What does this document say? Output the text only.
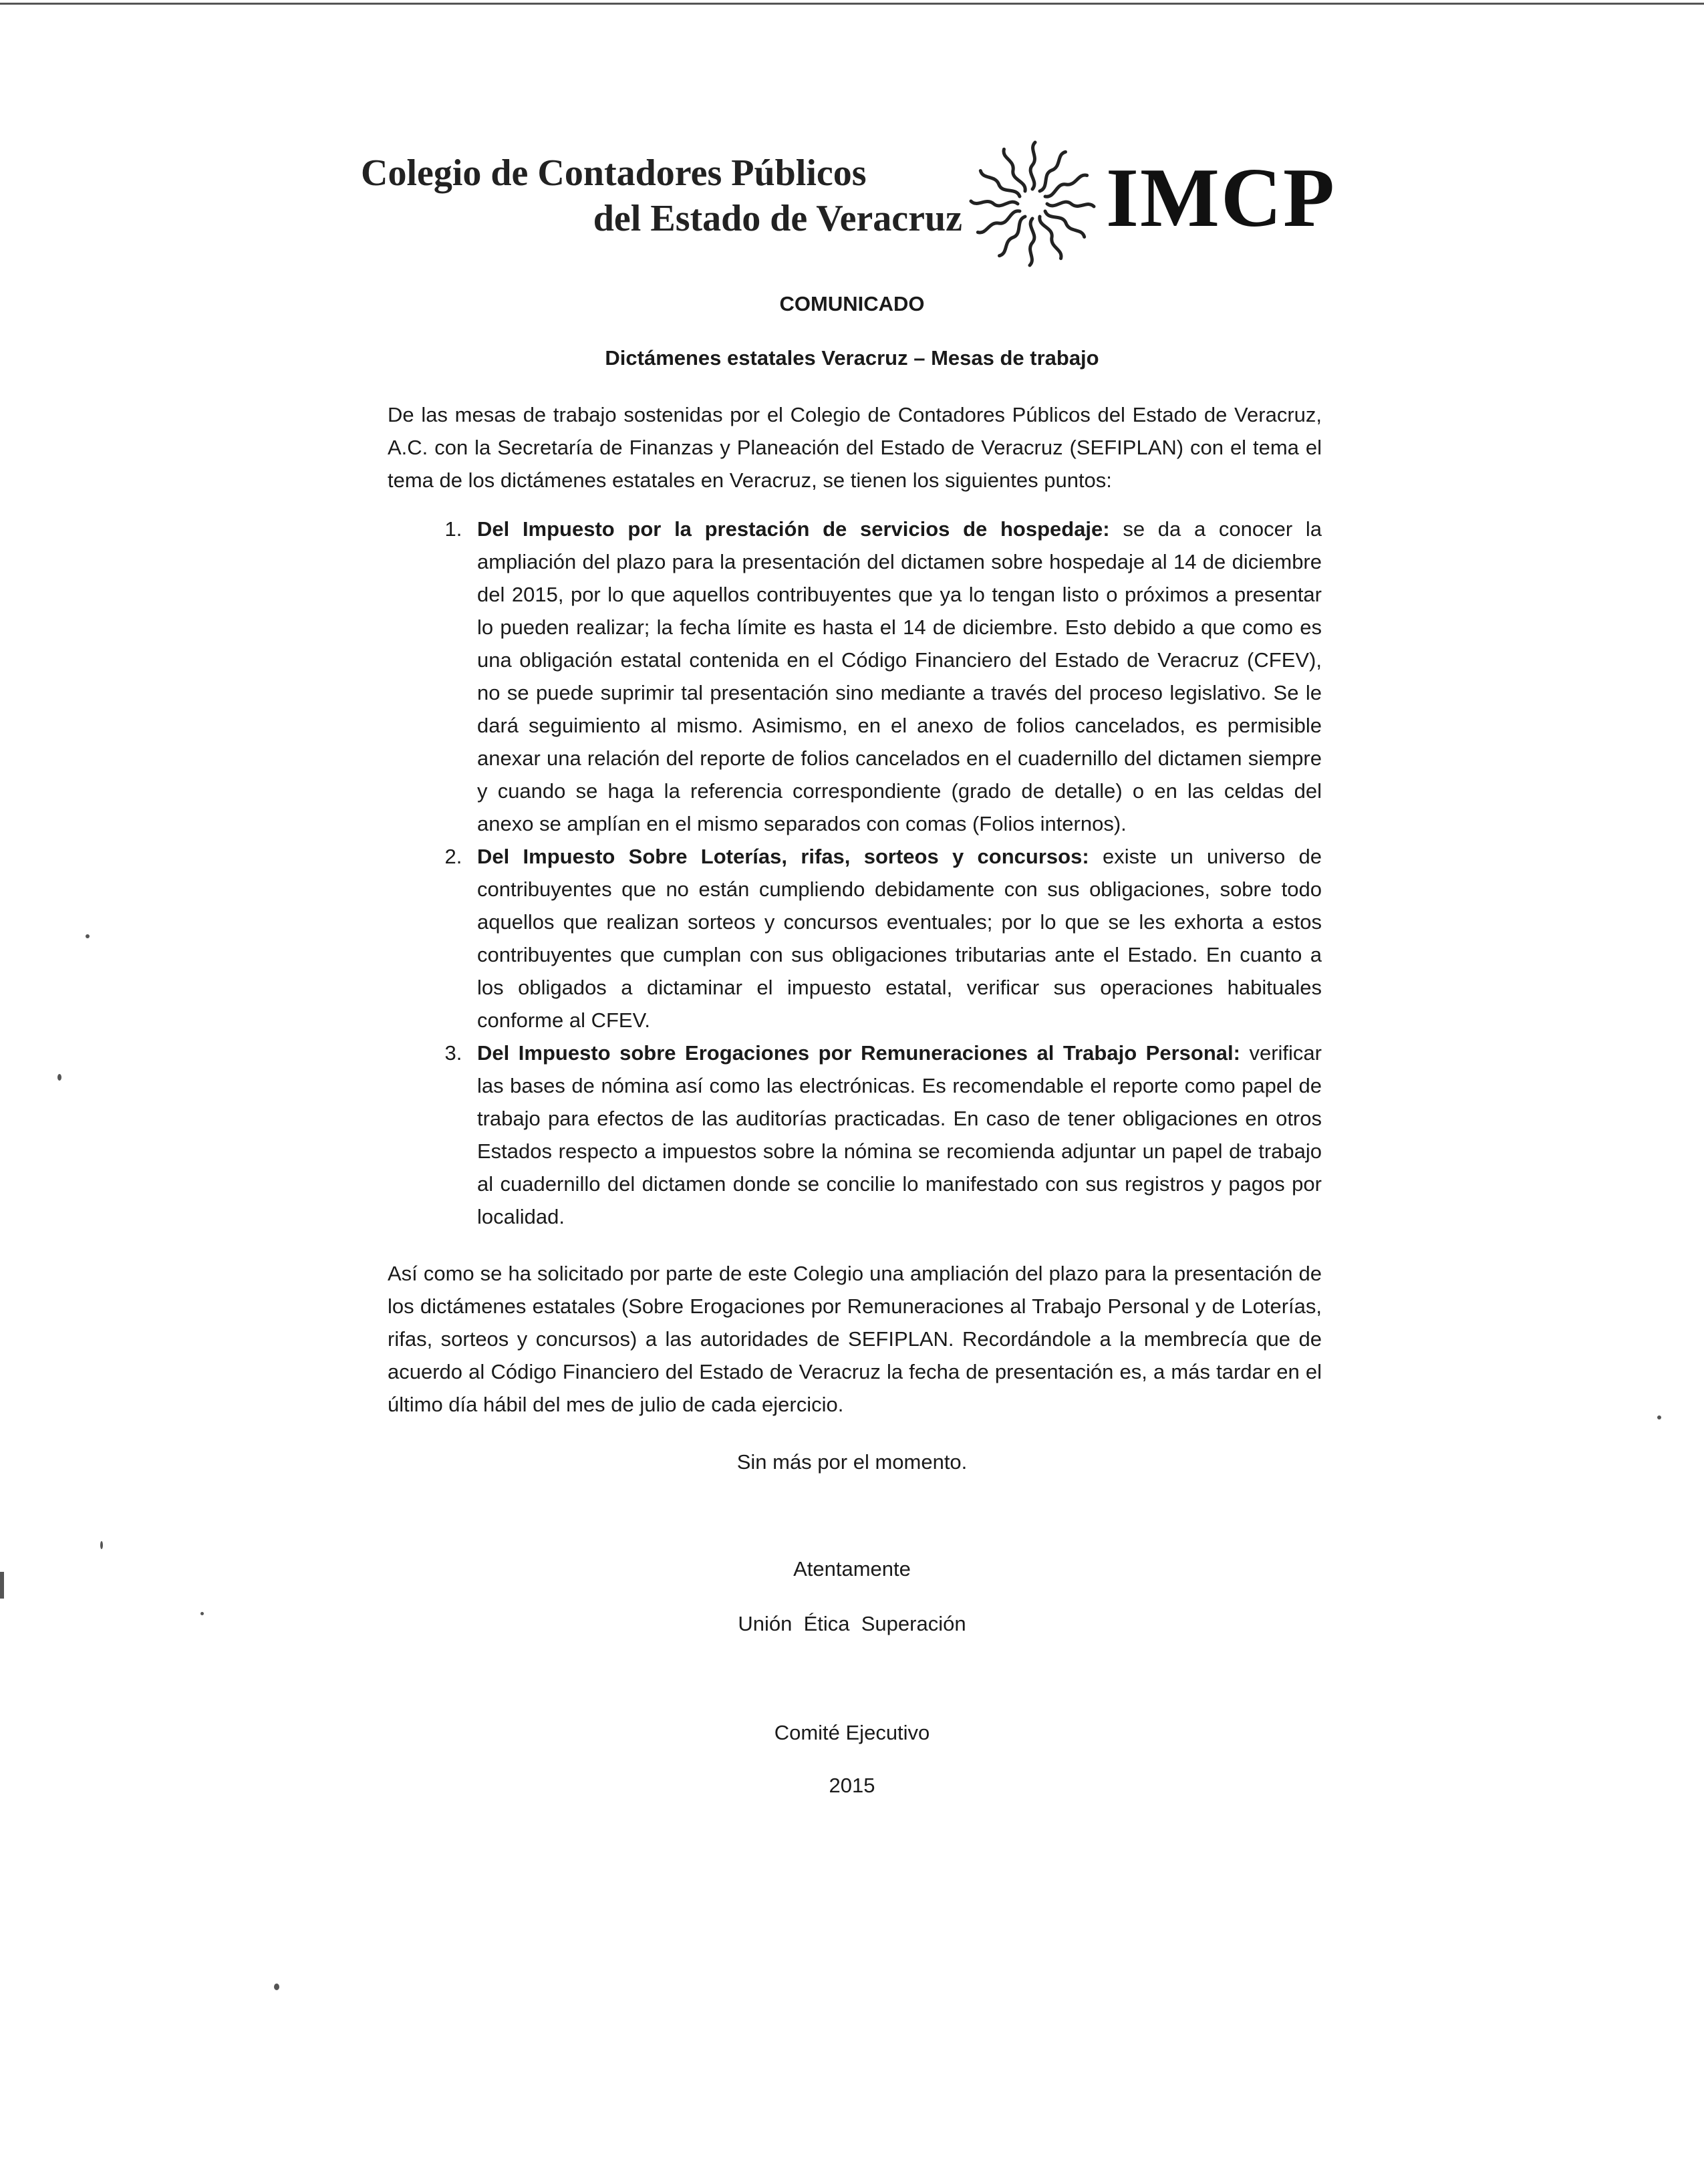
Colegio de Contadores Públicos
del Estado de Veracruz IMCP
COMUNICADO
Dictámenes estatales Veracruz – Mesas de trabajo

De las mesas de trabajo sostenidas por el Colegio de Contadores Públicos del Estado de Veracruz, A.C. con la Secretaría de Finanzas y Planeación del Estado de Veracruz (SEFIPLAN) con el tema el tema de los dictámenes estatales en Veracruz, se tienen los siguientes puntos:

1. Del Impuesto por la prestación de servicios de hospedaje: se da a conocer la ampliación del plazo para la presentación del dictamen sobre hospedaje al 14 de diciembre del 2015, por lo que aquellos contribuyentes que ya lo tengan listo o próximos a presentar lo pueden realizar; la fecha límite es hasta el 14 de diciembre. Esto debido a que como es una obligación estatal contenida en el Código Financiero del Estado de Veracruz (CFEV), no se puede suprimir tal presentación sino mediante a través del proceso legislativo. Se le dará seguimiento al mismo. Asimismo, en el anexo de folios cancelados, es permisible anexar una relación del reporte de folios cancelados en el cuadernillo del dictamen siempre y cuando se haga la referencia correspondiente (grado de detalle) o en las celdas del anexo se amplían en el mismo separados con comas (Folios internos).
2. Del Impuesto Sobre Loterías, rifas, sorteos y concursos: existe un universo de contribuyentes que no están cumpliendo debidamente con sus obligaciones, sobre todo aquellos que realizan sorteos y concursos eventuales; por lo que se les exhorta a estos contribuyentes que cumplan con sus obligaciones tributarias ante el Estado. En cuanto a los obligados a dictaminar el impuesto estatal, verificar sus operaciones habituales conforme al CFEV.
3. Del Impuesto sobre Erogaciones por Remuneraciones al Trabajo Personal: verificar las bases de nómina así como las electrónicas. Es recomendable el reporte como papel de trabajo para efectos de las auditorías practicadas. En caso de tener obligaciones en otros Estados respecto a impuestos sobre la nómina se recomienda adjuntar un papel de trabajo al cuadernillo del dictamen donde se concilie lo manifestado con sus registros y pagos por localidad.
Así como se ha solicitado por parte de este Colegio una ampliación del plazo para la presentación de los dictámenes estatales (Sobre Erogaciones por Remuneraciones al Trabajo Personal y de Loterías, rifas, sorteos y concursos) a las autoridades de SEFIPLAN. Recordándole a la membrecía que de acuerdo al Código Financiero del Estado de Veracruz la fecha de presentación es, a más tardar en el último día hábil del mes de julio de cada ejercicio.
Sin más por el momento.
Atentamente
Unión  Ética  Superación
Comité Ejecutivo
2015
